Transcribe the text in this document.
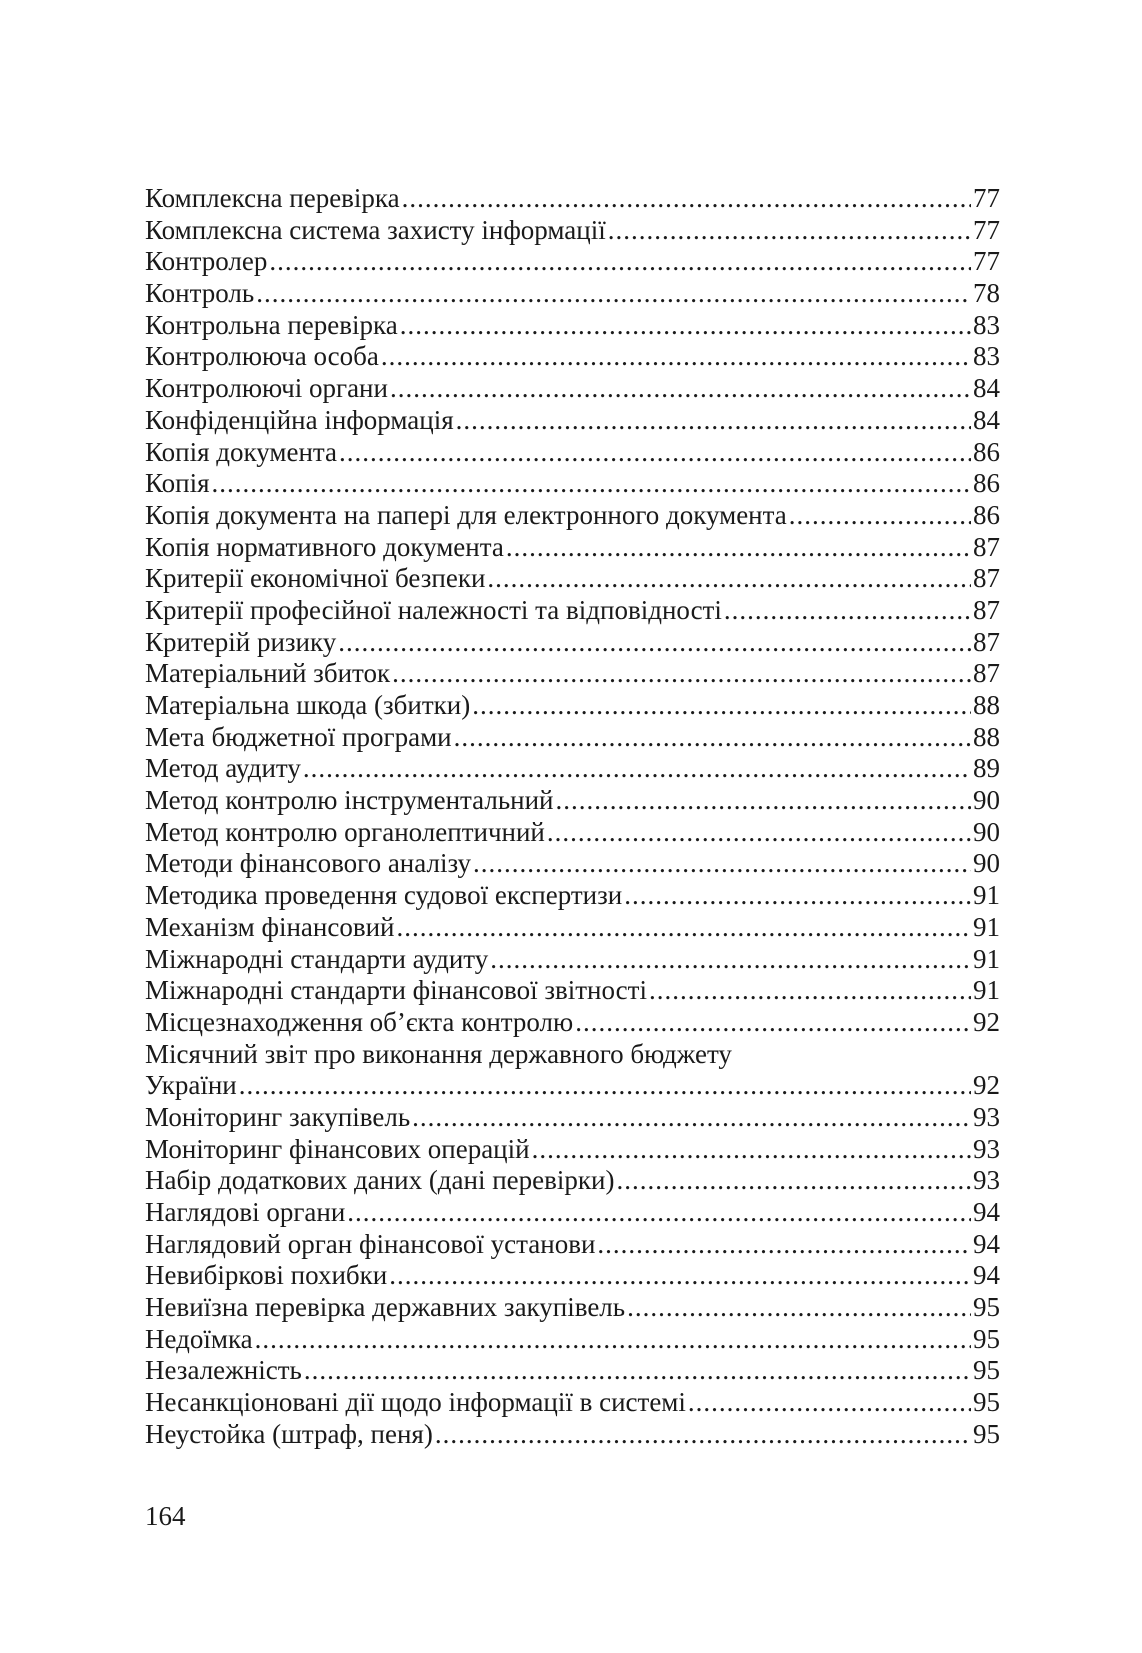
Комплексна перевірка .....	77
Комплексна система захисту інформації .....	77
Контролер .....	77
Контроль .....	78
Контрольна перевірка .....	83
Контролююча особа .....	83
Контролюючі органи .....	84
Конфіденційна інформація .....	84
Копія документа .....	86
Копія .....	86
Копія документа на папері для електронного документа .....	86
Копія нормативного документа .....	87
Критерії економічної безпеки .....	87
Критерії професійної належності та відповідності .....	87
Критерій ризику .....	87
Матеріальний збиток .....	87
Матеріальна шкода (збитки) .....	88
Мета бюджетної програми .....	88
Метод аудиту .....	89
Метод контролю інструментальний .....	90
Метод контролю органолептичний .....	90
Методи фінансового аналізу .....	90
Методика проведення судової експертизи .....	91
Механізм фінансовий .....	91
Міжнародні стандарти аудиту .....	91
Міжнародні стандарти фінансової звітності .....	91
Місцезнаходження об’єкта контролю .....	92
Місячний звіт про виконання державного бюджету
України .....	92
Моніторинг закупівель .....	93
Моніторинг фінансових операцій .....	93
Набір додаткових даних (дані перевірки) .....	93
Наглядові органи .....	94
Наглядовий орган фінансової установи .....	94
Невибіркові похибки .....	94
Невиїзна перевірка державних закупівель .....	95
Недоїмка .....	95
Незалежність .....	95
Несанкціоновані дії щодо інформації в системі .....	95
Неустойка (штраф, пеня) .....	95
164
